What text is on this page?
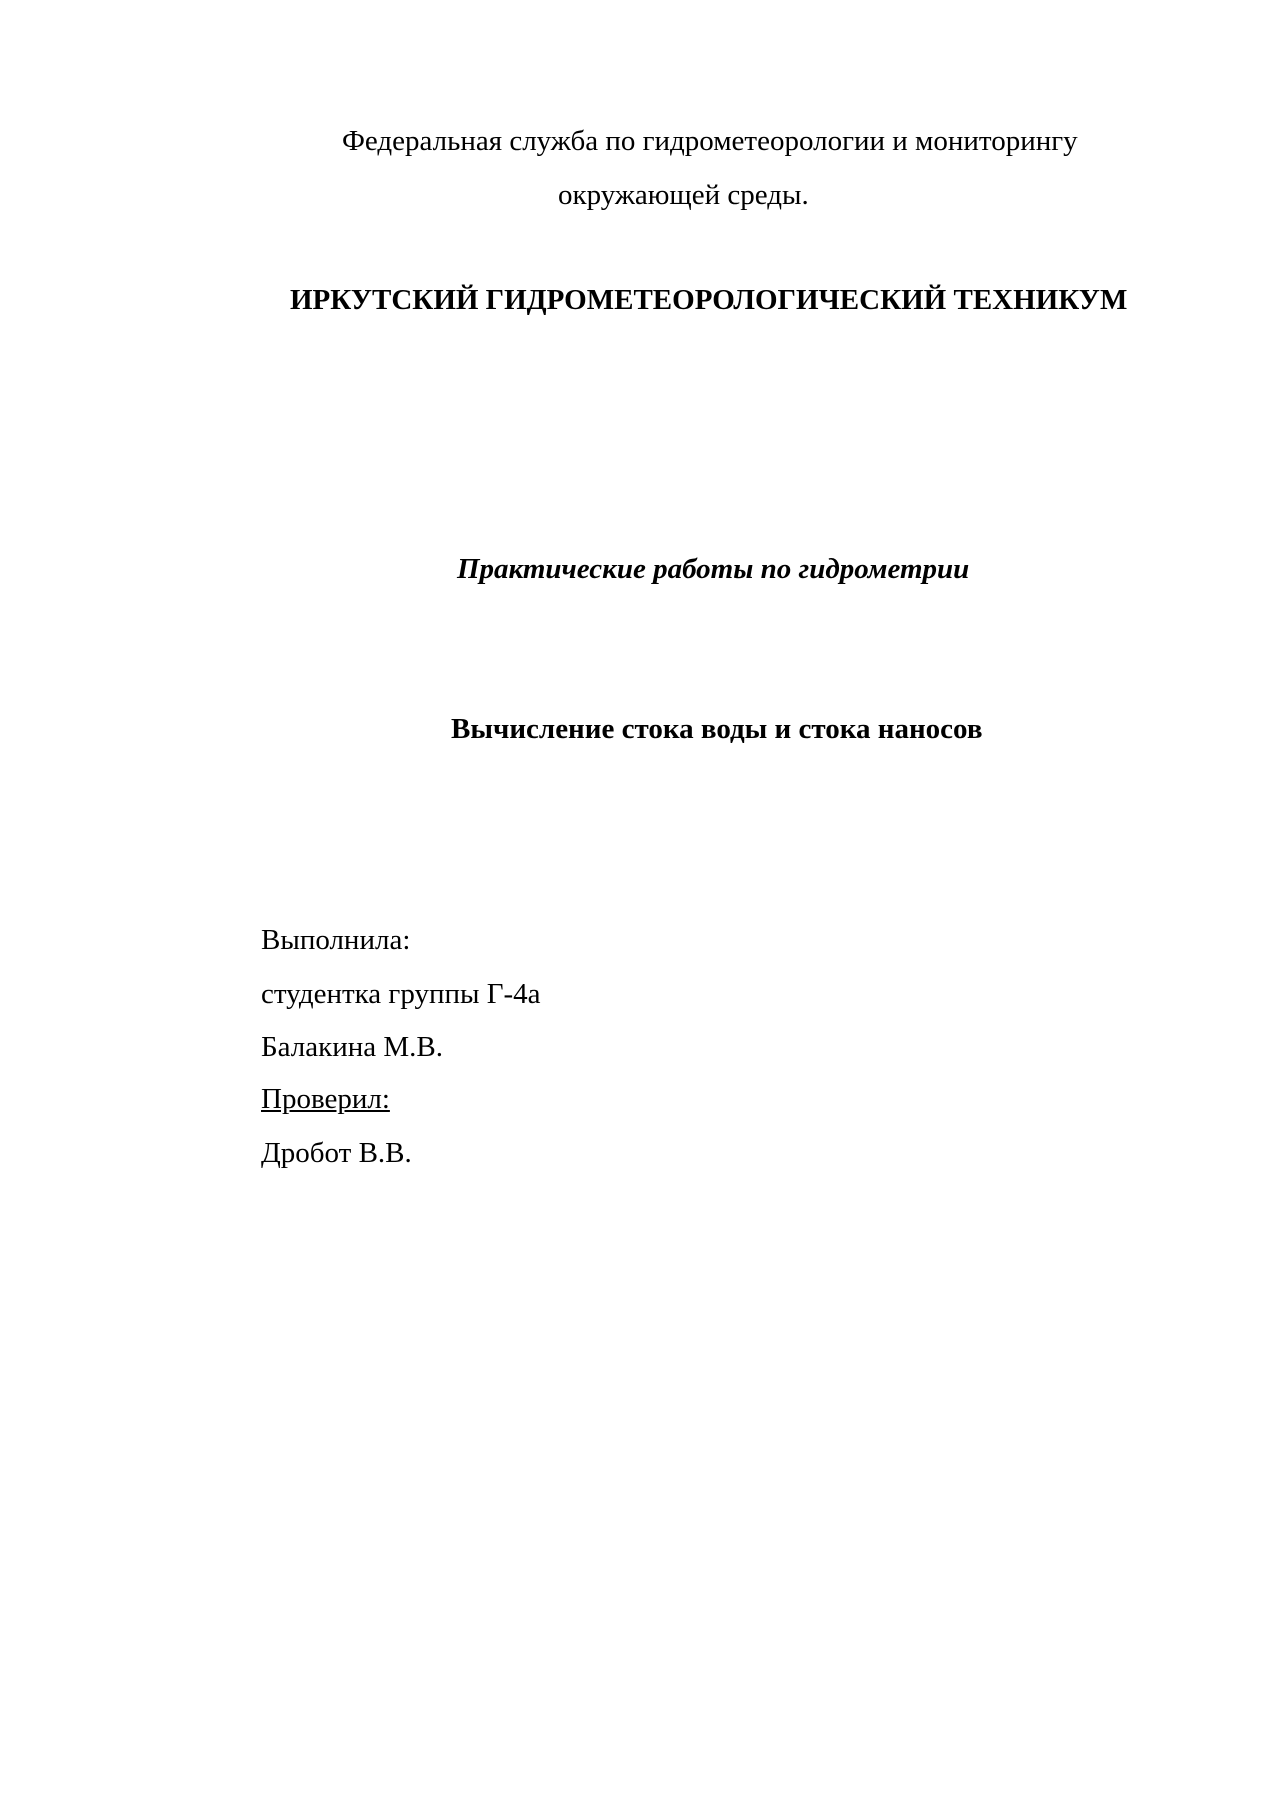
Федеральная служба по гидрометеорологии и мониторингу
окружающей среды.
ИРКУТСКИЙ ГИДРОМЕТЕОРОЛОГИЧЕСКИЙ ТЕХНИКУМ
Практические работы по гидрометрии
Вычисление стока воды и стока наносов
Выполнила:
студентка группы Г-4а
Балакина М.В.
Проверил:
Дробот В.В.
